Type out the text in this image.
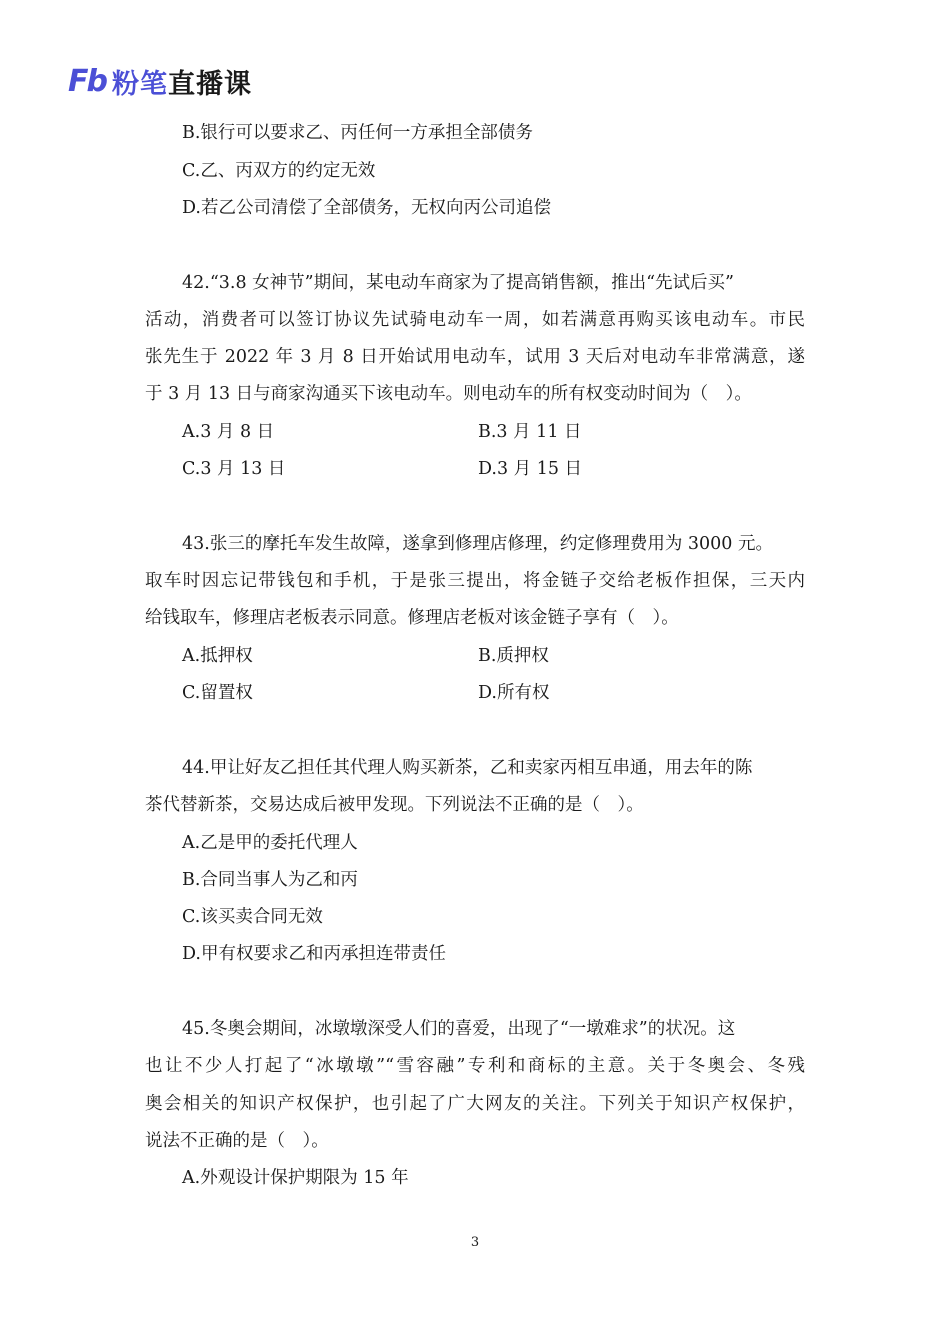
Fb 粉笔直播课
B.银行可以要求乙、丙任何一方承担全部债务
C.乙、丙双方的约定无效
D.若乙公司清偿了全部债务，无权向丙公司追偿
42.“3.8 女神节”期间，某电动车商家为了提高销售额，推出“先试后买”
活动，消费者可以签订协议先试骑电动车一周，如若满意再购买该电动车。市民
张先生于 2022 年 3 月 8 日开始试用电动车，试用 3 天后对电动车非常满意，遂
于 3 月 13 日与商家沟通买下该电动车。则电动车的所有权变动时间为（　）。
A.3 月 8 日	B.3 月 11 日
C.3 月 13 日	D.3 月 15 日
43.张三的摩托车发生故障，遂拿到修理店修理，约定修理费用为 3000 元。
取车时因忘记带钱包和手机，于是张三提出，将金链子交给老板作担保，三天内
给钱取车，修理店老板表示同意。修理店老板对该金链子享有（　）。
A.抵押权	B.质押权
C.留置权	D.所有权
44.甲让好友乙担任其代理人购买新茶，乙和卖家丙相互串通，用去年的陈
茶代替新茶，交易达成后被甲发现。下列说法不正确的是（　）。
A.乙是甲的委托代理人
B.合同当事人为乙和丙
C.该买卖合同无效
D.甲有权要求乙和丙承担连带责任
45.冬奥会期间，冰墩墩深受人们的喜爱，出现了“一墩难求”的状况。这
也让不少人打起了“冰墩墩”“雪容融”专利和商标的主意。关于冬奥会、冬残
奥会相关的知识产权保护，也引起了广大网友的关注。下列关于知识产权保护，
说法不正确的是（　）。
A.外观设计保护期限为 15 年
3
